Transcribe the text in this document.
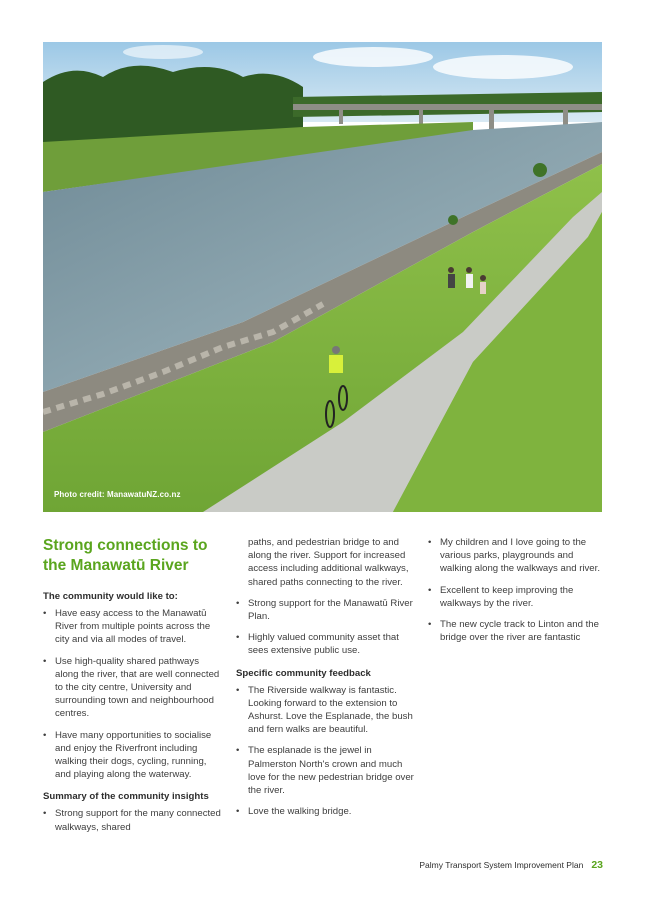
Photo credit: ManawatuNZ.co.nz
Strong connections to the Manawatū River
The community would like to:
• Have easy access to the Manawatū River from multiple points across the city and via all modes of travel.
• Use high-quality shared pathways along the river, that are well connected to the city centre, University and surrounding town and neighbourhood centres.
• Have many opportunities to socialise and enjoy the Riverfront including walking their dogs, cycling, running, and playing along the waterway.
Summary of the community insights
• Strong support for the many connected walkways, shared
paths, and pedestrian bridge to and along the river. Support for increased access including additional walkways, shared paths connecting to the river.
• Strong support for the Manawatū River Plan.
• Highly valued community asset that sees extensive public use.
Specific community feedback
• The Riverside walkway is fantastic. Looking forward to the extension to Ashurst. Love the Esplanade, the bush and fern walks are beautiful.
• The esplanade is the jewel in Palmerston North's crown and much love for the new pedestrian bridge over the river.
• Love the walking bridge.
• My children and I love going to the various parks, playgrounds and walking along the walkways and river.
• Excellent to keep improving the walkways by the river.
• The new cycle track to Linton and the bridge over the river are fantastic
Palmy Transport System Improvement Plan 23
